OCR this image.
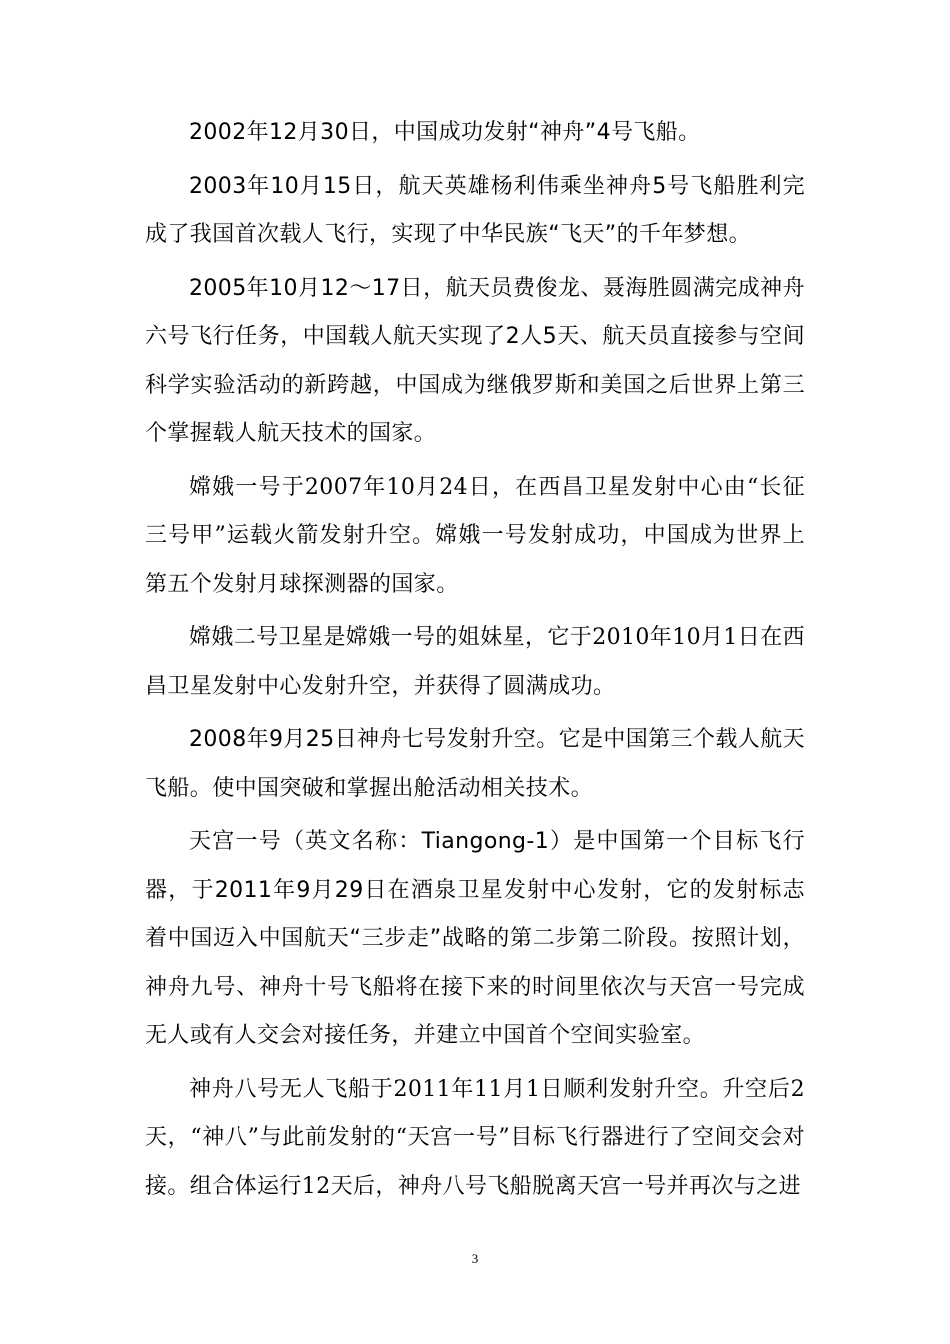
2002年12月30日，中国成功发射“神舟”4号飞船。

2003年10月15日，航天英雄杨利伟乘坐神舟5号飞船胜利完成了我国首次载人飞行，实现了中华民族“飞天”的千年梦想。

2005年10月12～17日，航天员费俊龙、聂海胜圆满完成神舟六号飞行任务，中国载人航天实现了2人5天、航天员直接参与空间科学实验活动的新跨越，中国成为继俄罗斯和美国之后世界上第三个掌握载人航天技术的国家。

嫦娥一号于2007年10月24日，在西昌卫星发射中心由“长征三号甲”运载火箭发射升空。嫦娥一号发射成功，中国成为世界上第五个发射月球探测器的国家。

嫦娥二号卫星是嫦娥一号的姐妹星，它于2010年10月1日在西昌卫星发射中心发射升空，并获得了圆满成功。

2008年9月25日神舟七号发射升空。它是中国第三个载人航天飞船。使中国突破和掌握出舱活动相关技术。

天宫一号（英文名称：Tiangong-1）是中国第一个目标飞行器，于2011年9月29日在酒泉卫星发射中心发射，它的发射标志着中国迈入中国航天“三步走”战略的第二步第二阶段。按照计划，神舟九号、神舟十号飞船将在接下来的时间里依次与天宫一号完成无人或有人交会对接任务，并建立中国首个空间实验室。

神舟八号无人飞船于2011年11月1日顺利发射升空。升空后2天，“神八”与此前发射的“天宫一号”目标飞行器进行了空间交会对接。组合体运行12天后，神舟八号飞船脱离天宫一号并再次与之进

3
